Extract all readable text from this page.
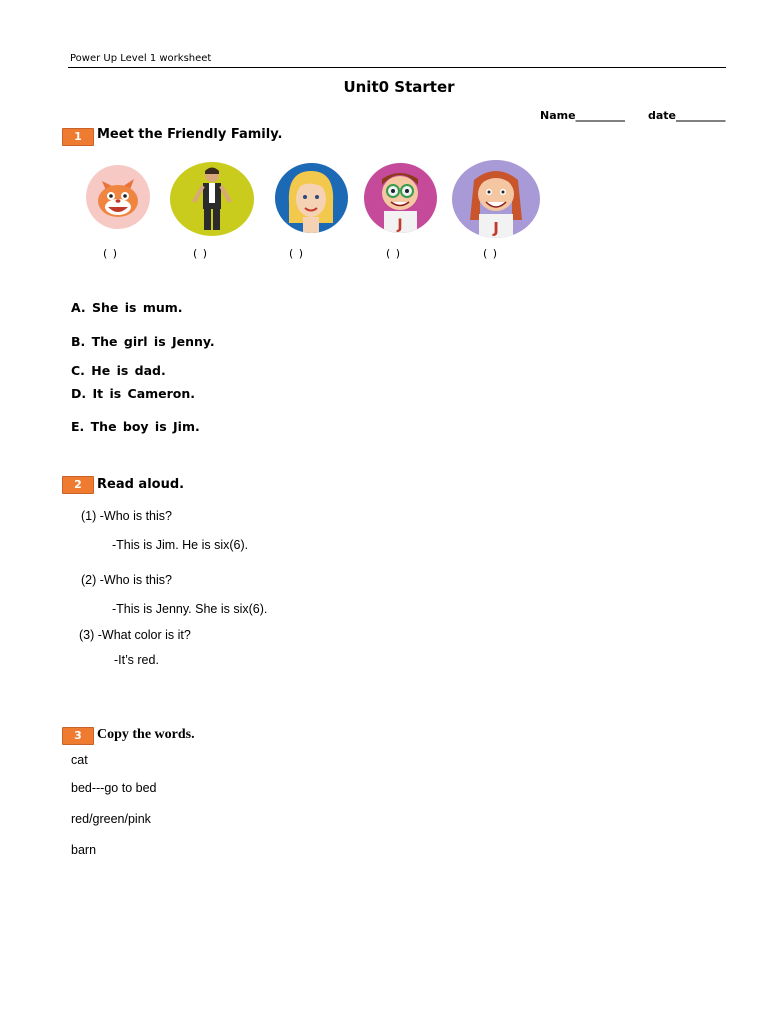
Power Up Level 1 worksheet
Unit0 Starter
Name_________ date_________
1	Meet the Friendly Family.
J	J
( )	( )	( )	( )	( )
A. She is mum.
B. The girl is Jenny.
C. He is dad.
D. It is Cameron.
E. The boy is Jim.
2	Read aloud.
(1) -Who is this?
-This is Jim. He is six(6).
(2) -Who is this?
-This is Jenny. She is six(6).
(3) -What color is it?
-It’s red.
3	Copy the words.
cat
bed---go to bed
red/green/pink
barn
